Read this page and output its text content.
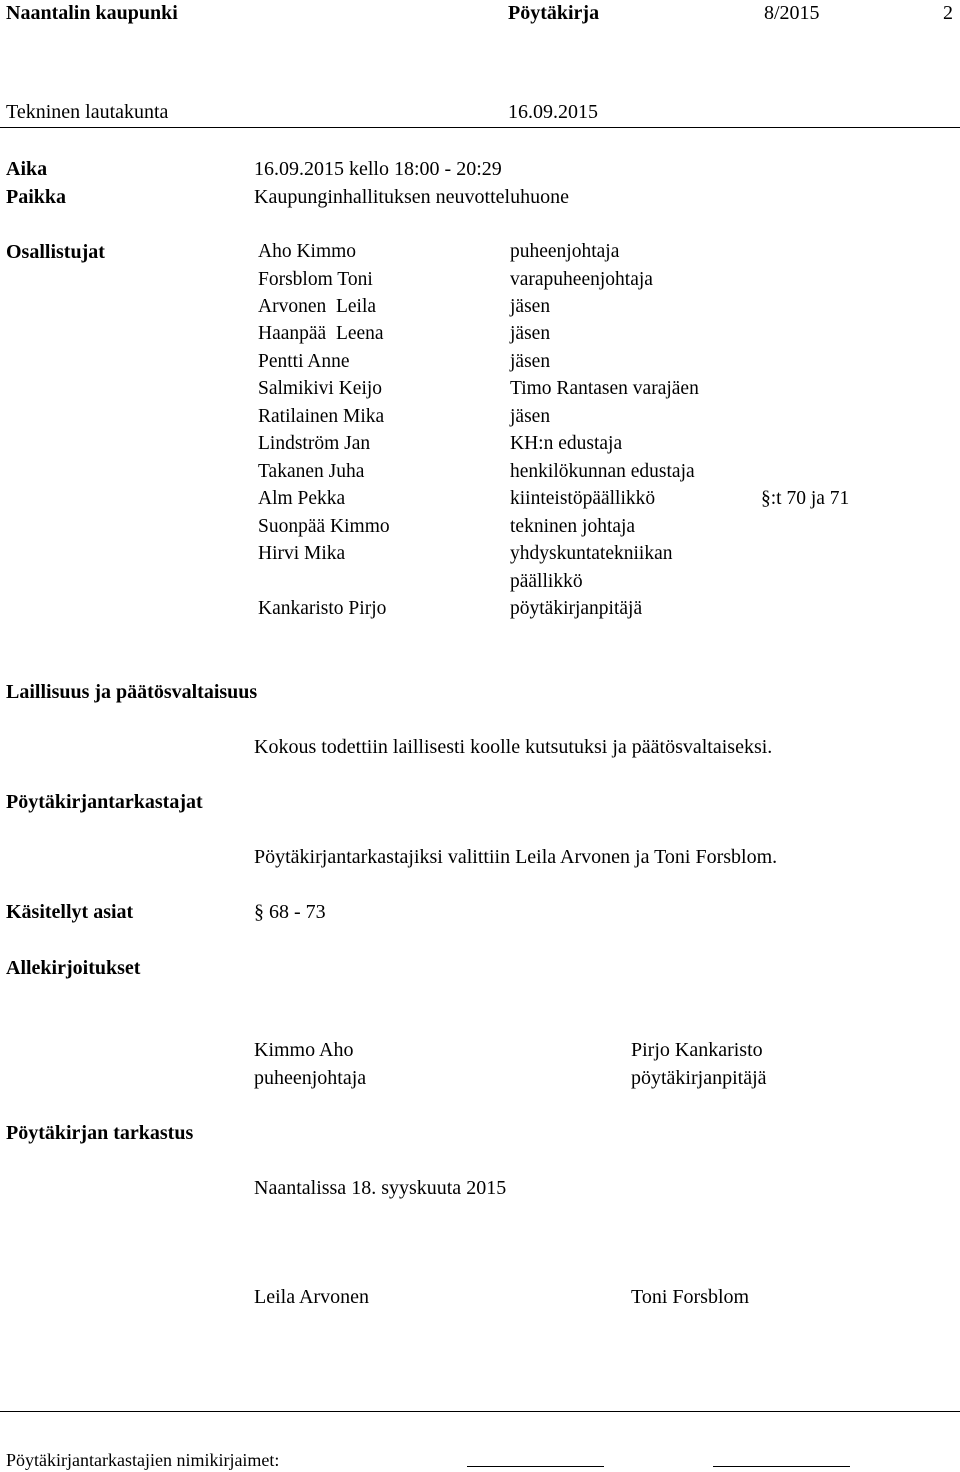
Naantalin kaupunki	Pöytäkirja	8/2015	2
Tekninen lautakunta	16.09.2015
Aika	16.09.2015 kello 18:00 - 20:29
Paikka	Kaupunginhallituksen neuvotteluhuone
Osallistujat	Aho Kimmo	puheenjohtaja
Forsblom Toni	varapuheenjohtaja
Arvonen  Leila	jäsen
Haanpää  Leena	jäsen
Pentti Anne	jäsen
Salmikivi Keijo	Timo Rantasen varajäen
Ratilainen Mika	jäsen
Lindström Jan	KH:n edustaja
Takanen Juha	henkilökunnan edustaja
Alm Pekka	kiinteistöpäällikkö	§:t 70 ja 71
Suonpää Kimmo	tekninen johtaja
Hirvi Mika	yhdyskuntatekniikan
päällikkö
Kankaristo Pirjo	pöytäkirjanpitäjä
Laillisuus ja päätösvaltaisuus
Kokous todettiin laillisesti koolle kutsutuksi ja päätösvaltaiseksi.
Pöytäkirjantarkastajat
Pöytäkirjantarkastajiksi valittiin Leila Arvonen ja Toni Forsblom.
Käsitellyt asiat	§ 68 - 73
Allekirjoitukset
Kimmo Aho
puheenjohtaja
Pirjo Kankaristo
pöytäkirjanpitäjä
Pöytäkirjan tarkastus
Naantalissa 18. syyskuuta 2015
Leila Arvonen	Toni Forsblom
Pöytäkirjantarkastajien nimikirjaimet:
